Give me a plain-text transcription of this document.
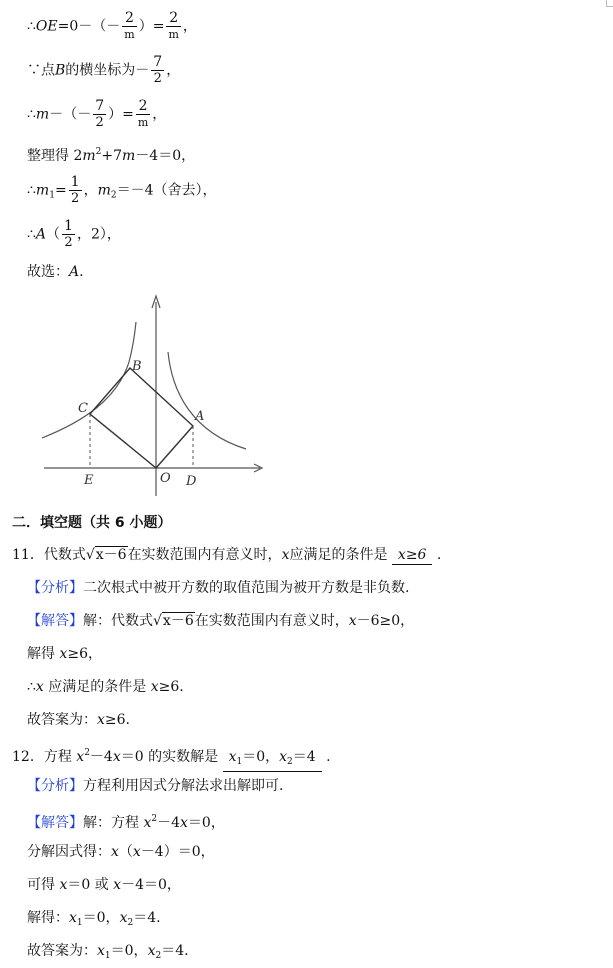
∴OE=0－（－ $\frac{2}{m}$ ）= $\frac{2}{m}$ ，
∵点B的横坐标为－ $\frac{7}{2}$ ，
∴m－（－ $\frac{7}{2}$ ）= $\frac{2}{m}$ ，
整理得 $2m^2+7m-4=0$，
$\therefore m_1= \frac{1}{2}$ ，$m_2=-4$（舍去），
∴A（ $\frac{1}{2}$ ，2），
故选：A.
B
C
A
E	O D
二．填空题（共 6 小题）
11．代数式√x－6在实数范围内有意义时，x应满足的条件是 x≥6 .
【分析】二次根式中被开方数的取值范围为被开方数是非负数.
【解答】解：代数式√x－6在实数范围内有意义时，x－6≥0，
解得 x≥6，
∴x 应满足的条件是 x≥6.
故答案为：x≥6.
12．方程 $x^2-4x=0$ 的实数解是 $x_1=0$，$x_2=4$ .
【分析】方程利用因式分解法求出解即可.
【解答】解：方程 $x^2-4x=0$，
分解因式得：x（x－4）＝0，
可得 x＝0 或 x－4＝0，
解得：$x_1=0$，$x_2=4$.
故答案为：$x_1=0$，$x_2=4$.
